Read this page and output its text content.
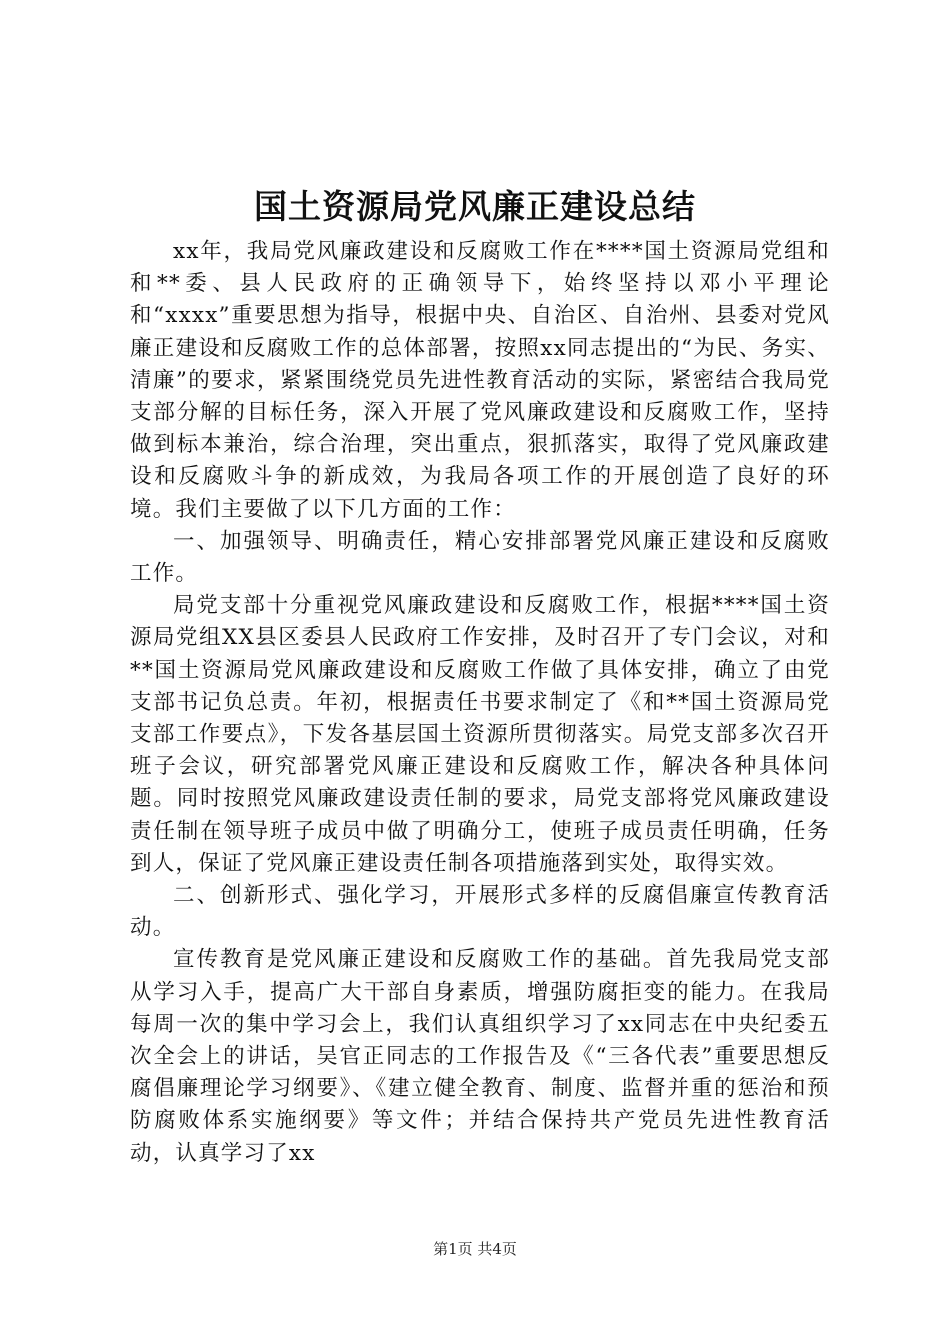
国土资源局党风廉正建设总结

xx年，我局党风廉政建设和反腐败工作在****国土资源局党组和和**委、县人民政府的正确领导下，始终坚持以邓小平理论和“xxxx”重要思想为指导，根据中央、自治区、自治州、县委对党风廉正建设和反腐败工作的总体部署，按照xx同志提出的“为民、务实、清廉”的要求，紧紧围绕党员先进性教育活动的实际，紧密结合我局党支部分解的目标任务，深入开展了党风廉政建设和反腐败工作，坚持做到标本兼治，综合治理，突出重点，狠抓落实，取得了党风廉政建设和反腐败斗争的新成效，为我局各项工作的开展创造了良好的环境。我们主要做了以下几方面的工作：

一、加强领导、明确责任，精心安排部署党风廉正建设和反腐败工作。

局党支部十分重视党风廉政建设和反腐败工作，根据****国土资源局党组XX县区委县人民政府工作安排，及时召开了专门会议，对和**国土资源局党风廉政建设和反腐败工作做了具体安排，确立了由党支部书记负总责。年初，根据责任书要求制定了《和**国土资源局党支部工作要点》，下发各基层国土资源所贯彻落实。局党支部多次召开班子会议，研究部署党风廉正建设和反腐败工作，解决各种具体问题。同时按照党风廉政建设责任制的要求，局党支部将党风廉政建设责任制在领导班子成员中做了明确分工，使班子成员责任明确，任务到人，保证了党风廉正建设责任制各项措施落到实处，取得实效。

二、创新形式、强化学习，开展形式多样的反腐倡廉宣传教育活动。

宣传教育是党风廉正建设和反腐败工作的基础。首先我局党支部从学习入手，提高广大干部自身素质，增强防腐拒变的能力。在我局每周一次的集中学习会上，我们认真组织学习了xx同志在中央纪委五次全会上的讲话，吴官正同志的工作报告及《“三各代表”重要思想反腐倡廉理论学习纲要》、《建立健全教育、制度、监督并重的惩治和预防腐败体系实施纲要》等文件；并结合保持共产党员先进性教育活动，认真学习了xx

第1页 共4页
